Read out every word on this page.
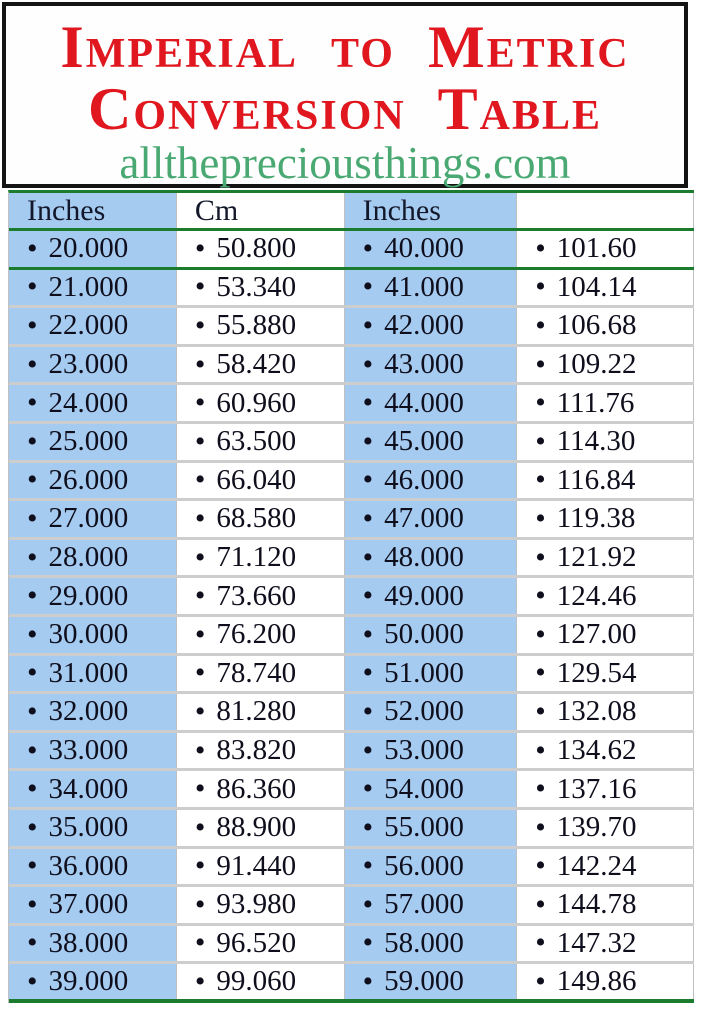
Imperial to Metric
Conversion Table
allthepreciousthings.com
Inches	Cm	Inches
• 20.000 • 50.800 • 40.000 • 101.60
• 21.000 • 53.340 • 41.000 • 104.14
• 22.000 • 55.880 • 42.000 • 106.68
• 23.000 • 58.420 • 43.000 • 109.22
• 24.000 • 60.960 • 44.000 • 111.76
• 25.000 • 63.500 • 45.000 • 114.30
• 26.000 • 66.040 • 46.000 • 116.84
• 27.000 • 68.580 • 47.000 • 119.38
• 28.000 • 71.120 • 48.000 • 121.92
• 29.000 • 73.660 • 49.000 • 124.46
• 30.000 • 76.200 • 50.000 • 127.00
• 31.000 • 78.740 • 51.000 • 129.54
• 32.000 • 81.280 • 52.000 • 132.08
• 33.000 • 83.820 • 53.000 • 134.62
• 34.000 • 86.360 • 54.000 • 137.16
• 35.000 • 88.900 • 55.000 • 139.70
• 36.000 • 91.440 • 56.000 • 142.24
• 37.000 • 93.980 • 57.000 • 144.78
• 38.000 • 96.520 • 58.000 • 147.32
• 39.000 • 99.060 • 59.000 • 149.86
